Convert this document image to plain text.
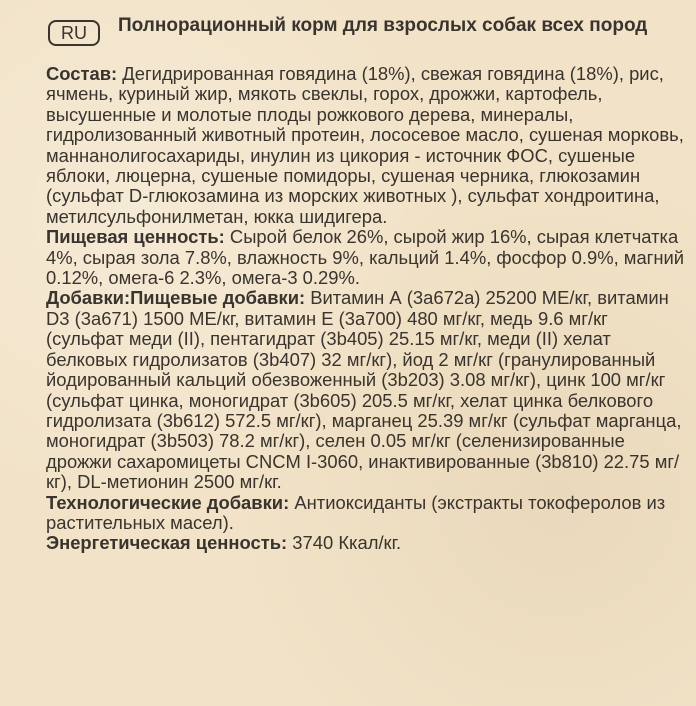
RU	Полнорационный корм для взрослых собак всех пород

Состав: Дегидрированная говядина (18%), свежая говядина (18%), рис, ячмень, куриный жир, мякоть свеклы, горох, дрожжи, картофель, высушенные и молотые плоды рожкового дерева, минералы, гидролизованный животный протеин, лососевое масло, сушеная морковь, маннанолигосахариды, инулин из цикория - источник ФОС, сушеные яблоки, люцерна, сушеные помидоры, сушеная черника, глюкозамин (сульфат D-глюкозамина из морских животных ), сульфат хондроитина, метилсульфонилметан, юкка шидигера.

Пищевая ценность: Сырой белок 26%, сырой жир 16%, сырая клетчатка 4%, сырая зола 7.8%, влажность 9%, кальций 1.4%, фосфор 0.9%, магний 0.12%, омега-6 2.3%, омега-3 0.29%.

Добавки:Пищевые добавки: Витамин А (3а672а) 25200 МЕ/кг, витамин D3 (3a671) 1500 МЕ/кг, витамин Е (3a700) 480 мг/кг, медь 9.6 мг/кг (сульфат меди (II), пентагидрат (3b405) 25.15 мг/кг, меди (II) хелат белковых гидролизатов (3b407) 32 мг/кг), йод 2 мг/кг (гранулированный йодированный кальций обезвоженный (3b203) 3.08 мг/кг), цинк 100 мг/кг (сульфат цинка, моногидрат (3b605) 205.5 мг/кг, хелат цинка белкового гидролизата (3b612) 572.5 мг/кг), марганец 25.39 мг/кг (сульфат марганца, моногидрат (3b503) 78.2 мг/кг), селен 0.05 мг/кг (селенизированные дрожжи сахаромицеты CNCM I-3060, инактивированные (3b810) 22.75 мг/кг), DL-метионин 2500 мг/кг.

Технологические добавки: Антиоксиданты (экстракты токоферолов из растительных масел).

Энергетическая ценность: 3740 Ккал/кг.
